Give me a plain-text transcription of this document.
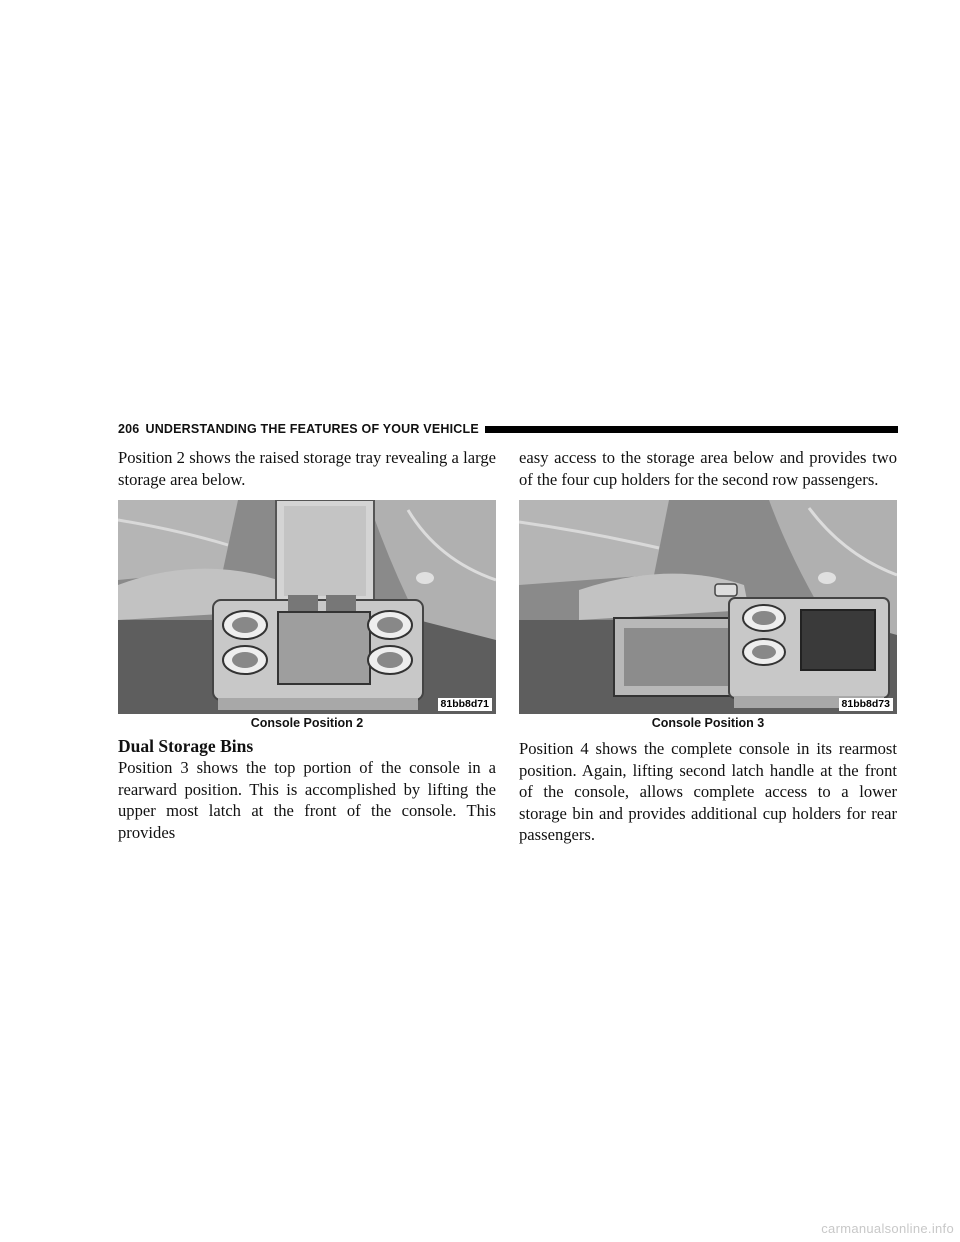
206 UNDERSTANDING THE FEATURES OF YOUR VEHICLE

Position 2 shows the raised storage tray revealing a large storage area below.

81bb8d71
Console Position 2
Dual Storage Bins

Position 3 shows the top portion of the console in a rearward position. This is accomplished by lifting the upper most latch at the front of the console. This provides

easy access to the storage area below and provides two of the four cup holders for the second row passengers.

81bb8d73
Console Position 3

Position 4 shows the complete console in its rearmost position. Again, lifting second latch handle at the front of the console, allows complete access to a lower storage bin and provides additional cup holders for rear passengers.

carmanualsonline.info
